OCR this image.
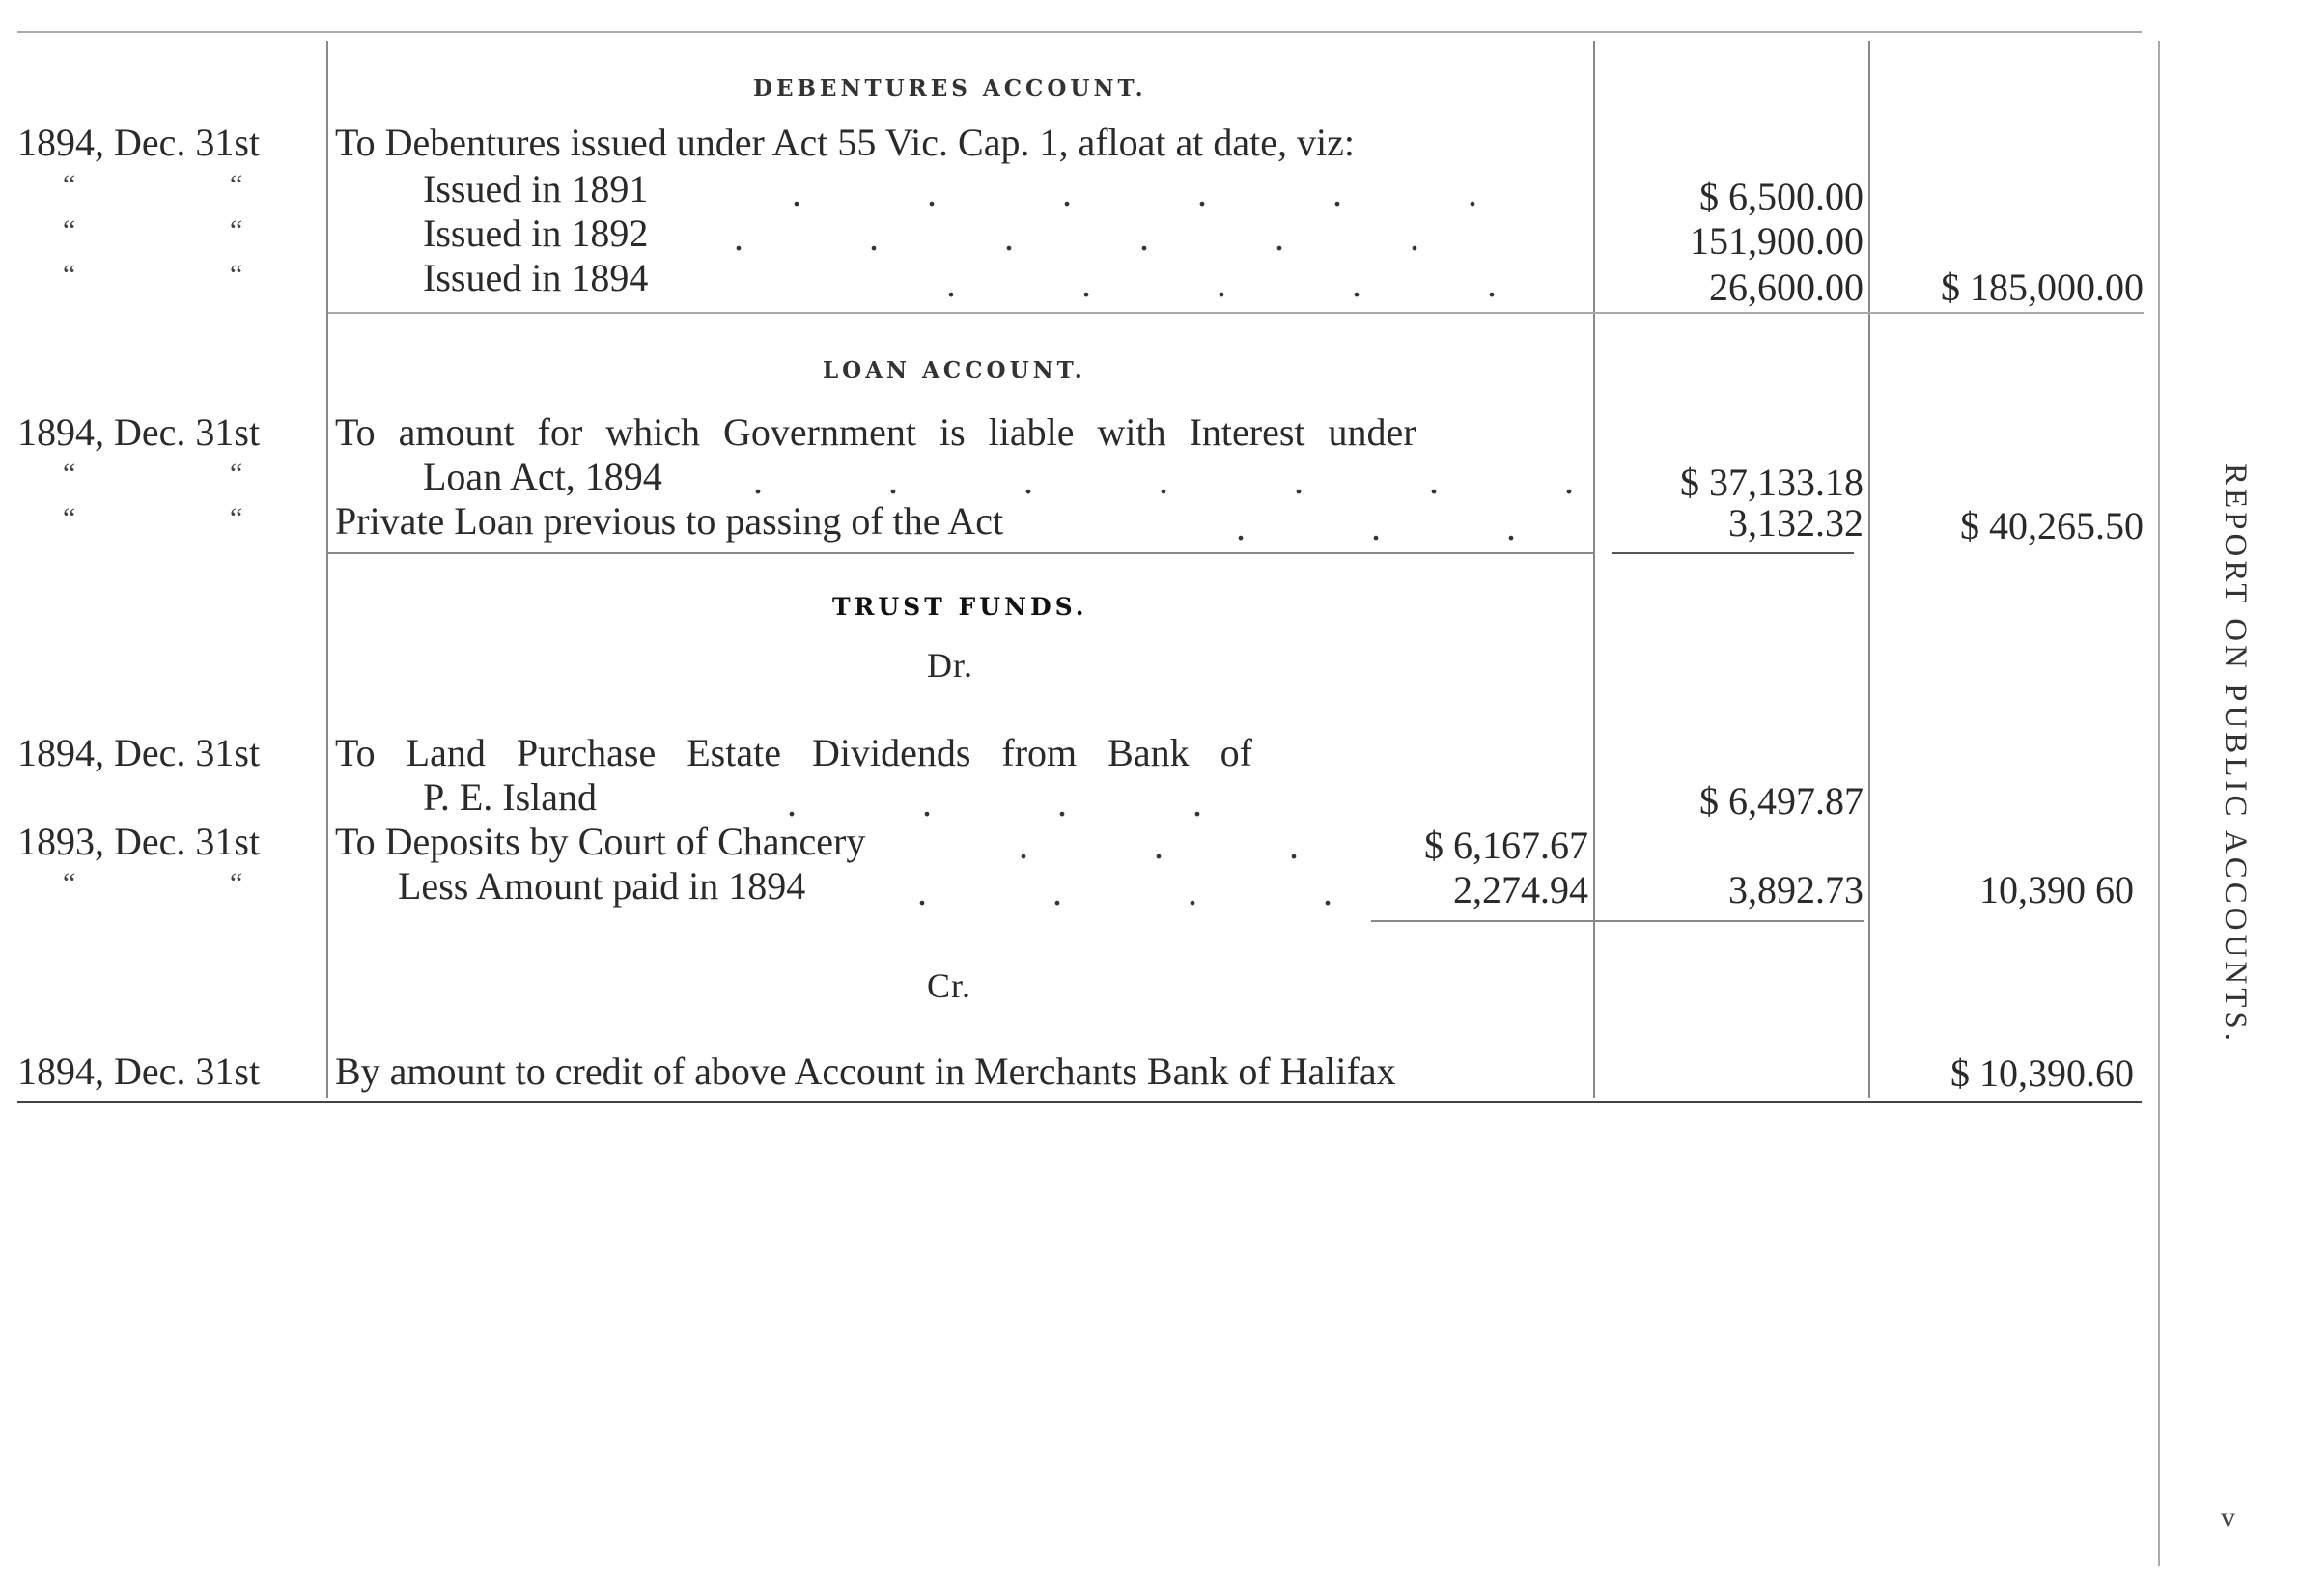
DEBENTURES ACCOUNT.
1894, Dec. 31st To Debentures issued under Act 55 Vic. Cap. 1, afloat at date, viz:
“	“	Issued in 1891	.             .             .             .             .             .	$ 6,500.00
“	“	Issued in 1892 .             .             .             .             .             .	151,900.00
“	“	Issued in 1894	.             .             .             .             .	26,600.00	$ 185,000.00
LOAN ACCOUNT.
1894, Dec. 31st To amount for which Government is liable with Interest under
“	“	Loan Act, 1894 .             .             .             .             .             .             .	$ 37,133.18
“	“ Private Loan previous to passing of the Act	.             .             .	3,132.32	$ 40,265.50
TRUST FUNDS.
Dr.
1894, Dec. 31st To Land Purchase Estate Dividends from Bank of
P. E. Island	.             .             .             .	$ 6,497.87
1893, Dec. 31st To Deposits by Court of Chancery	.             .             .	$ 6,167.67
“	“	Less Amount paid in 1894	.             .             .             .	2,274.94	3,892.73	10,390 60
Cr.
1894, Dec. 31st By amount to credit of above Account in Merchants Bank of Halifax	$ 10,390.60
REPORT ON PUBLIC ACCOUNTS.
v
